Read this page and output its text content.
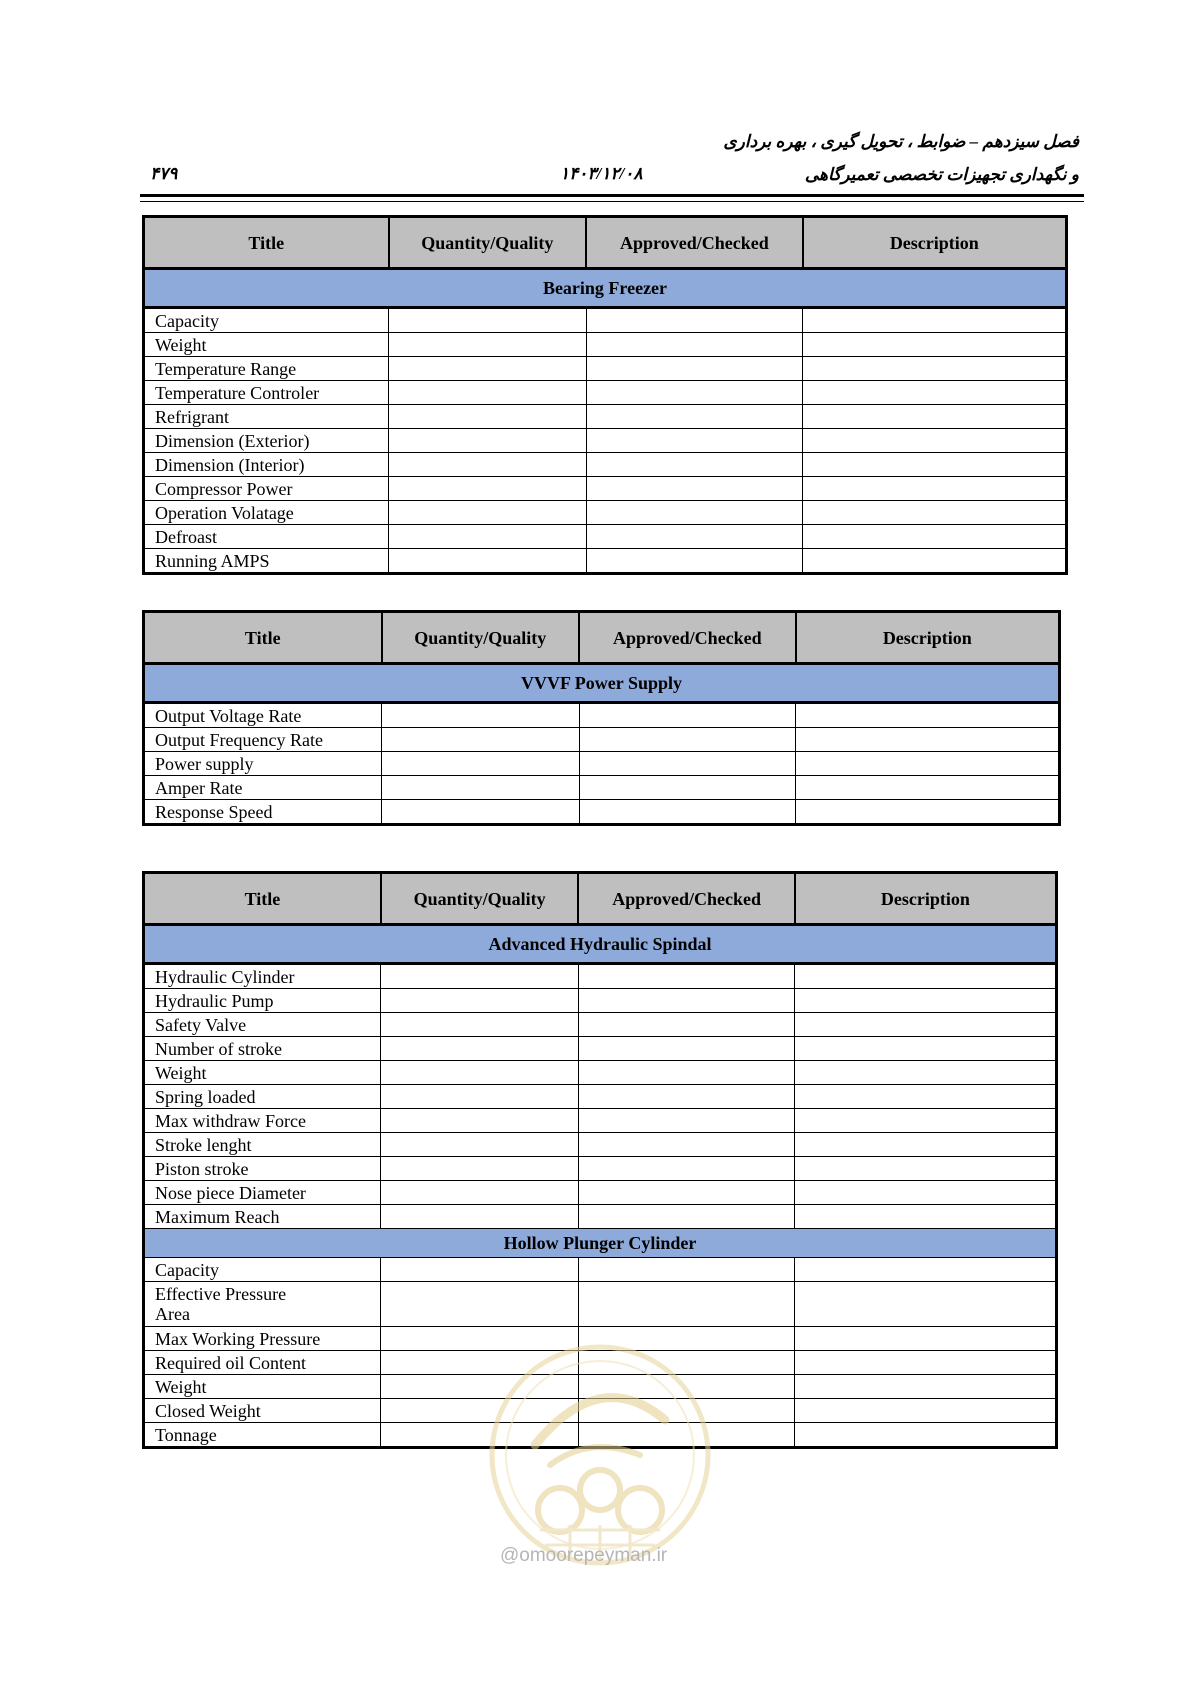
فصل سیزدهم – ضوابط ، تحویل گیری ، بهره برداری
و نگهداری تجهیزات تخصصی تعمیرگاهی
۱۴۰۳/۱۲/۰۸
۴۷۹
Title	Quantity/Quality	Approved/Checked	Description
Bearing Freezer			
Capacity			
Weight			
Temperature Range			
Temperature Controler			
Refrigrant			
Dimension (Exterior)			
Dimension (Interior)			
Compressor Power			
Operation Volatage			
Defroast			
Running AMPS			
Title	Quantity/Quality	Approved/Checked	Description
VVVF Power Supply			
Output Voltage Rate			
Output Frequency Rate			
Power supply			
Amper Rate			
Response Speed			
Title	Quantity/Quality	Approved/Checked	Description
Advanced Hydraulic Spindal			
Hydraulic Cylinder			
Hydraulic Pump			
Safety Valve			
Number of stroke			
Weight			
Spring loaded			
Max withdraw Force			
Stroke lenght			
Piston stroke			
Nose piece Diameter			
Maximum Reach			
Hollow Plunger Cylinder			
Capacity			
Effective Pressure Area			
Max Working Pressure			
Required oil Content			
Weight			
Closed Weight			
Tonnage			
@omoorepeyman.ir
